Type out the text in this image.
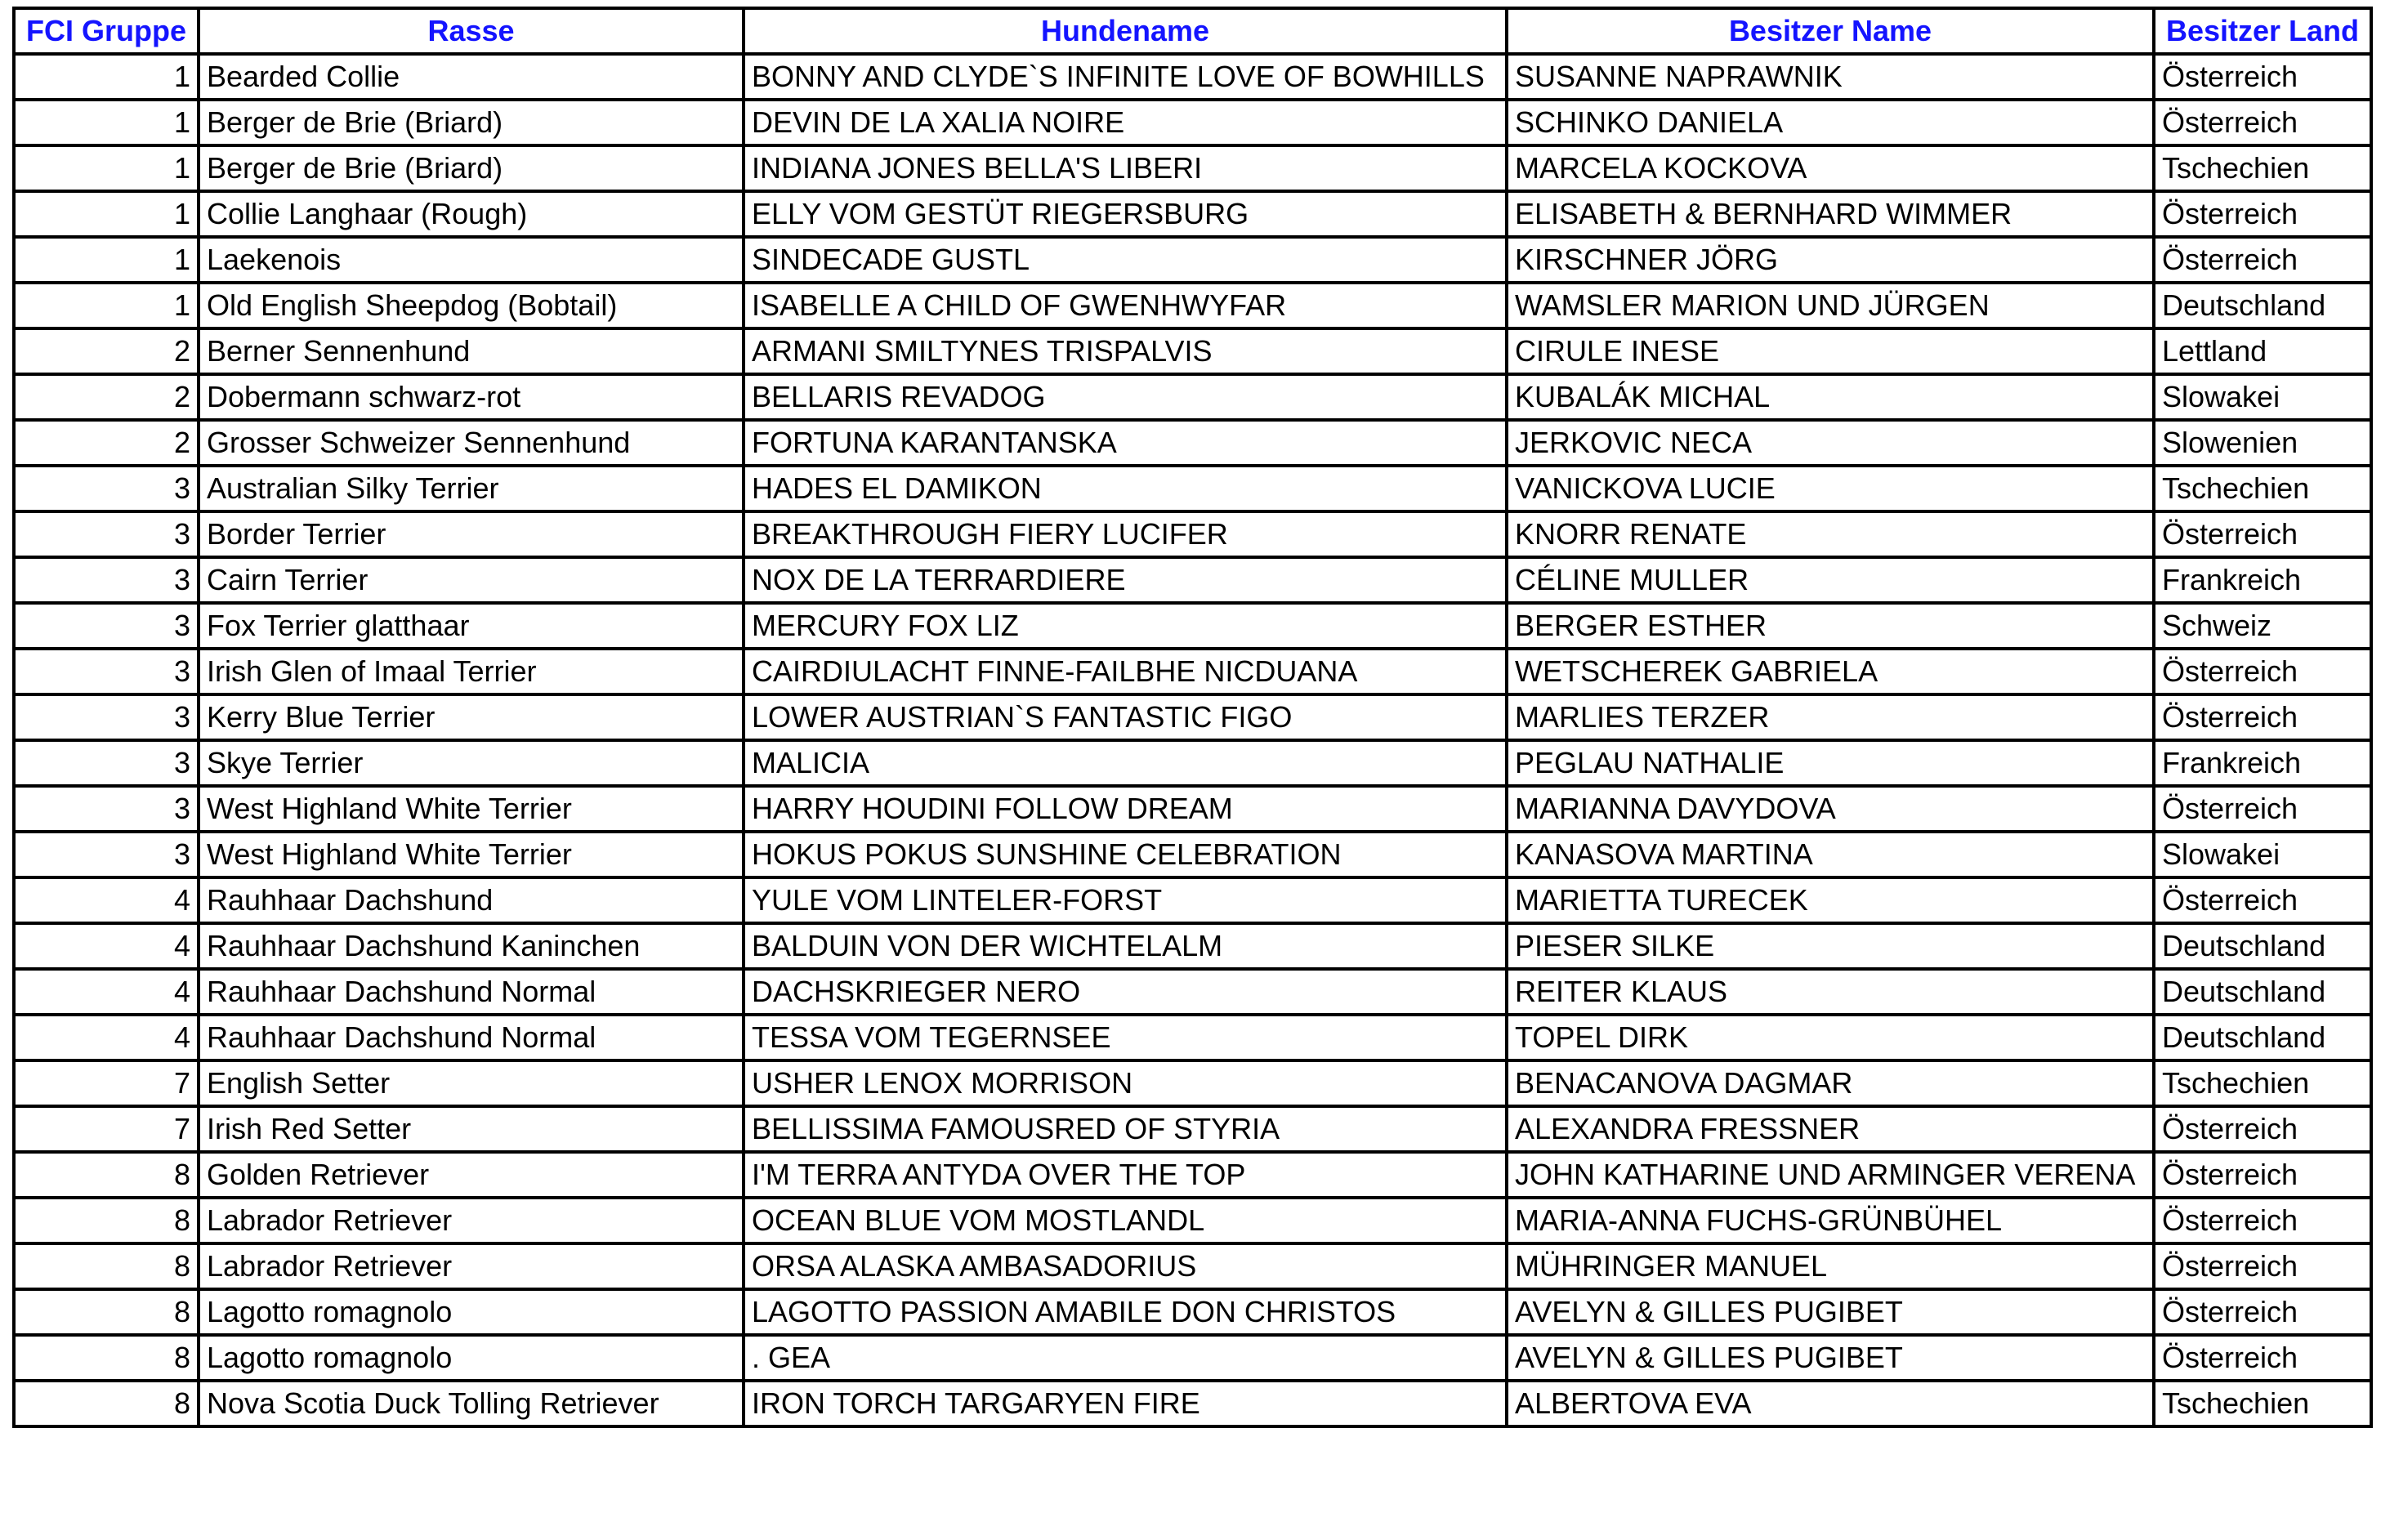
FCI Gruppe	Rasse	Hundename	Besitzer Name	Besitzer Land
1	Bearded Collie	BONNY AND CLYDE`S INFINITE LOVE OF BOWHILLS	SUSANNE NAPRAWNIK	Österreich
1	Berger de Brie (Briard)	DEVIN DE LA XALIA NOIRE	SCHINKO DANIELA	Österreich
1	Berger de Brie (Briard)	INDIANA JONES BELLA'S LIBERI	MARCELA KOCKOVA	Tschechien
1	Collie Langhaar (Rough)	ELLY VOM GESTÜT RIEGERSBURG	ELISABETH & BERNHARD WIMMER	Österreich
1	Laekenois	SINDECADE GUSTL	KIRSCHNER JÖRG	Österreich
1	Old English Sheepdog (Bobtail)	ISABELLE A CHILD OF GWENHWYFAR	WAMSLER MARION UND JÜRGEN	Deutschland
2	Berner Sennenhund	ARMANI SMILTYNES TRISPALVIS	CIRULE INESE	Lettland
2	Dobermann schwarz-rot	BELLARIS REVADOG	KUBALÁK MICHAL	Slowakei
2	Grosser Schweizer Sennenhund	FORTUNA KARANTANSKA	JERKOVIC NECA	Slowenien
3	Australian Silky Terrier	HADES EL DAMIKON	VANICKOVA LUCIE	Tschechien
3	Border Terrier	BREAKTHROUGH FIERY LUCIFER	KNORR RENATE	Österreich
3	Cairn Terrier	NOX DE LA TERRARDIERE	CÉLINE MULLER	Frankreich
3	Fox Terrier glatthaar	MERCURY FOX LIZ	BERGER ESTHER	Schweiz
3	Irish Glen of Imaal Terrier	CAIRDIULACHT FINNE-FAILBHE NICDUANA	WETSCHEREK GABRIELA	Österreich
3	Kerry Blue Terrier	LOWER AUSTRIAN`S FANTASTIC FIGO	MARLIES TERZER	Österreich
3	Skye Terrier	MALICIA	PEGLAU NATHALIE	Frankreich
3	West Highland White Terrier	HARRY HOUDINI FOLLOW DREAM	MARIANNA DAVYDOVA	Österreich
3	West Highland White Terrier	HOKUS POKUS SUNSHINE CELEBRATION	KANASOVA MARTINA	Slowakei
4	Rauhhaar Dachshund	YULE VOM LINTELER-FORST	MARIETTA TURECEK	Österreich
4	Rauhhaar Dachshund Kaninchen	BALDUIN VON DER WICHTELALM	PIESER SILKE	Deutschland
4	Rauhhaar Dachshund Normal	DACHSKRIEGER NERO	REITER KLAUS	Deutschland
4	Rauhhaar Dachshund Normal	TESSA VOM TEGERNSEE	TOPEL DIRK	Deutschland
7	English Setter	USHER LENOX MORRISON	BENACANOVA DAGMAR	Tschechien
7	Irish Red Setter	BELLISSIMA FAMOUSRED OF STYRIA	ALEXANDRA FRESSNER	Österreich
8	Golden Retriever	I'M TERRA ANTYDA OVER THE TOP	JOHN KATHARINE UND ARMINGER VERENA	Österreich
8	Labrador Retriever	OCEAN BLUE VOM MOSTLANDL	MARIA-ANNA FUCHS-GRÜNBÜHEL	Österreich
8	Labrador Retriever	ORSA ALASKA AMBASADORIUS	MÜHRINGER MANUEL	Österreich
8	Lagotto romagnolo	LAGOTTO PASSION AMABILE DON CHRISTOS	AVELYN & GILLES PUGIBET	Österreich
8	Lagotto romagnolo	. GEA	AVELYN & GILLES PUGIBET	Österreich
8	Nova Scotia Duck Tolling Retriever	IRON TORCH TARGARYEN FIRE	ALBERTOVA EVA	Tschechien
